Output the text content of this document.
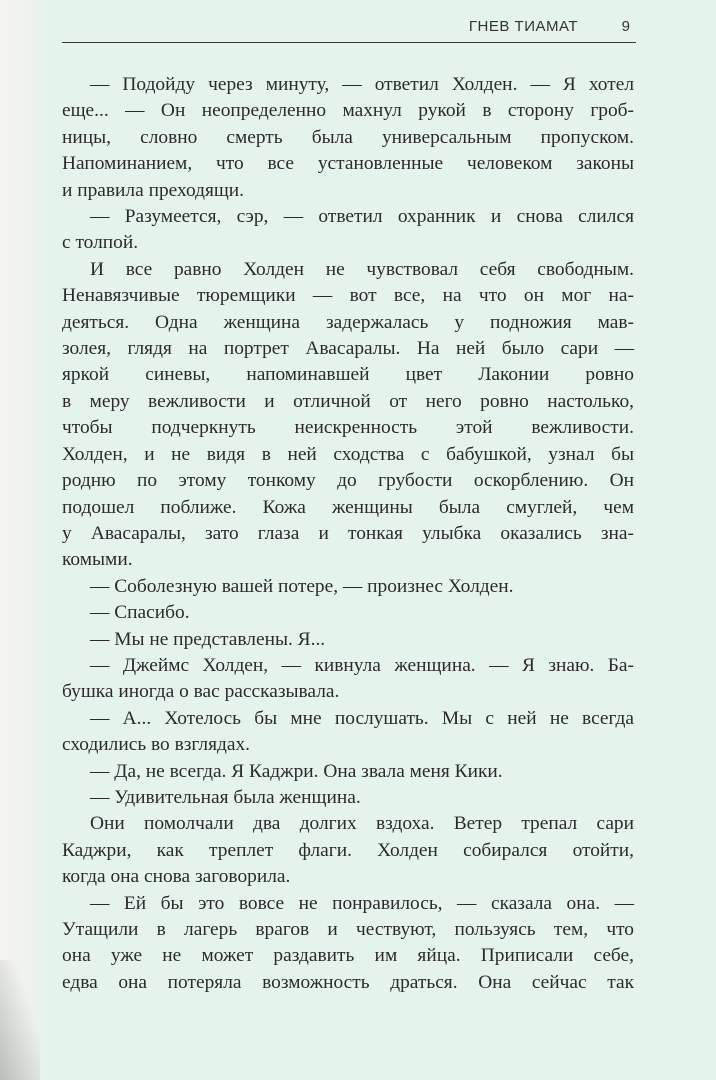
ГНЕВ ТИАМАТ	9

— Подойду через минуту, — ответил Холден. — Я хотел

еще... — Он неопределенно махнул рукой в сторону гроб-

ницы, словно смерть была универсальным пропуском.

Напоминанием, что все установленные человеком законы

и правила преходящи.

— Разумеется, сэр, — ответил охранник и снова слился

с толпой.

И все равно Холден не чувствовал себя свободным.

Ненавязчивые тюремщики — вот все, на что он мог на-

деяться. Одна женщина задержалась у подножия мав-

золея, глядя на портрет Авасаралы. На ней было сари —

яркой синевы, напоминавшей цвет Лаконии ровно

в меру вежливости и отличной от него ровно настолько,

чтобы подчеркнуть неискренность этой вежливости.

Холден, и не видя в ней сходства с бабушкой, узнал бы

родню по этому тонкому до грубости оскорблению. Он

подошел поближе. Кожа женщины была смуглей, чем

у Авасаралы, зато глаза и тонкая улыбка оказались зна-

комыми.

— Соболезную вашей потере, — произнес Холден.

— Спасибо.

— Мы не представлены. Я...

— Джеймс Холден, — кивнула женщина. — Я знаю. Ба-

бушка иногда о вас рассказывала.

— А... Хотелось бы мне послушать. Мы с ней не всегда

сходились во взглядах.

— Да, не всегда. Я Каджри. Она звала меня Кики.

— Удивительная была женщина.

Они помолчали два долгих вздоха. Ветер трепал сари

Каджри, как треплет флаги. Холден собирался отойти,

когда она снова заговорила.

— Ей бы это вовсе не понравилось, — сказала она. —

Утащили в лагерь врагов и чествуют, пользуясь тем, что

она уже не может раздавить им яйца. Приписали себе,

едва она потеряла возможность драться. Она сейчас так
